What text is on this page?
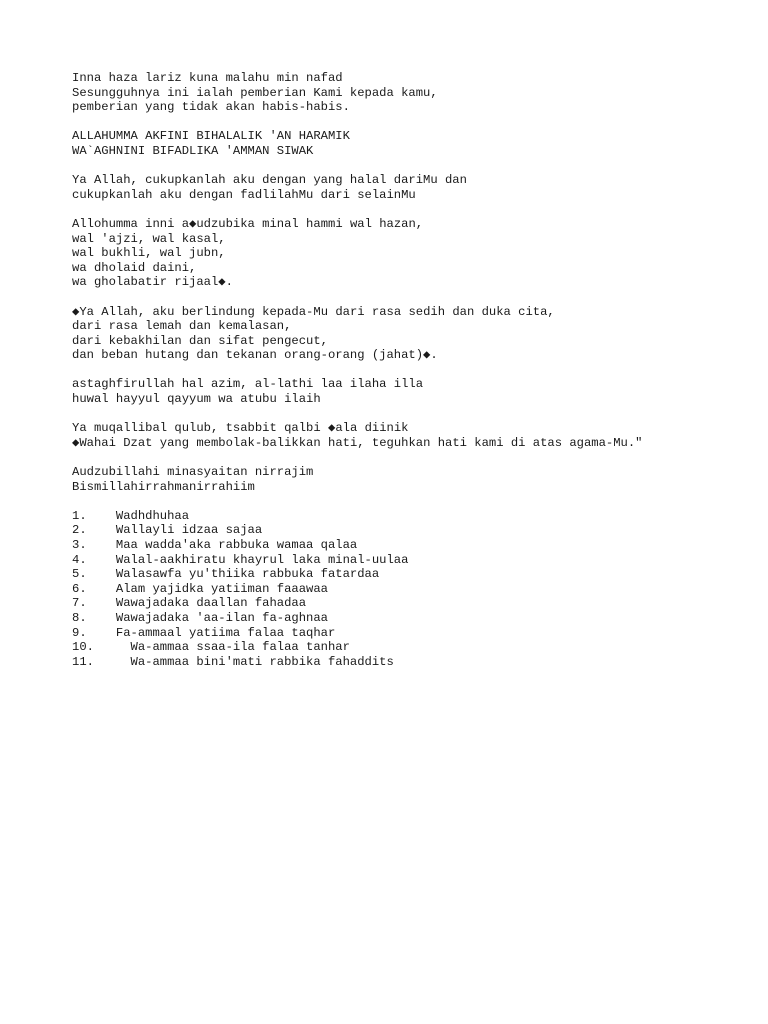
Inna haza lariz kuna malahu min nafad
Sesungguhnya ini ialah pemberian Kami kepada kamu,
pemberian yang tidak akan habis-habis.
ALLAHUMMA AKFINI BIHALALIK 'AN HARAMIK
WA`AGHNINI BIFADLIKA 'AMMAN SIWAK
Ya Allah, cukupkanlah aku dengan yang halal dariMu dan
cukupkanlah aku dengan fadlilahMu dari selainMu
Allohumma inni a◆udzubika minal hammi wal hazan,
wal 'ajzi, wal kasal,
wal bukhli, wal jubn,
wa dholaid daini,
wa gholabatir rijaal◆.
◆Ya Allah, aku berlindung kepada-Mu dari rasa sedih dan duka cita,
dari rasa lemah dan kemalasan,
dari kebakhilan dan sifat pengecut,
dan beban hutang dan tekanan orang-orang (jahat)◆.
astaghfirullah hal azim, al-lathi laa ilaha illa
huwal hayyul qayyum wa atubu ilaih
Ya muqallibal qulub, tsabbit qalbi ◆ala diinik
◆Wahai Dzat yang membolak-balikkan hati, teguhkan hati kami di atas agama-Mu."
Audzubillahi minasyaitan nirrajim
Bismillahirrahmanirrahiim
1.    Wadhdhuhaa
2.    Wallayli idzaa sajaa
3.    Maa wadda'aka rabbuka wamaa qalaa
4.    Walal-aakhiratu khayrul laka minal-uulaa
5.    Walasawfa yu'thiika rabbuka fatardaa
6.    Alam yajidka yatiiman faaawaa
7.    Wawajadaka daallan fahadaa
8.    Wawajadaka 'aa-ilan fa-aghnaa
9.    Fa-ammaal yatiima falaa taqhar
10.     Wa-ammaa ssaa-ila falaa tanhar
11.     Wa-ammaa bini'mati rabbika fahaddits
